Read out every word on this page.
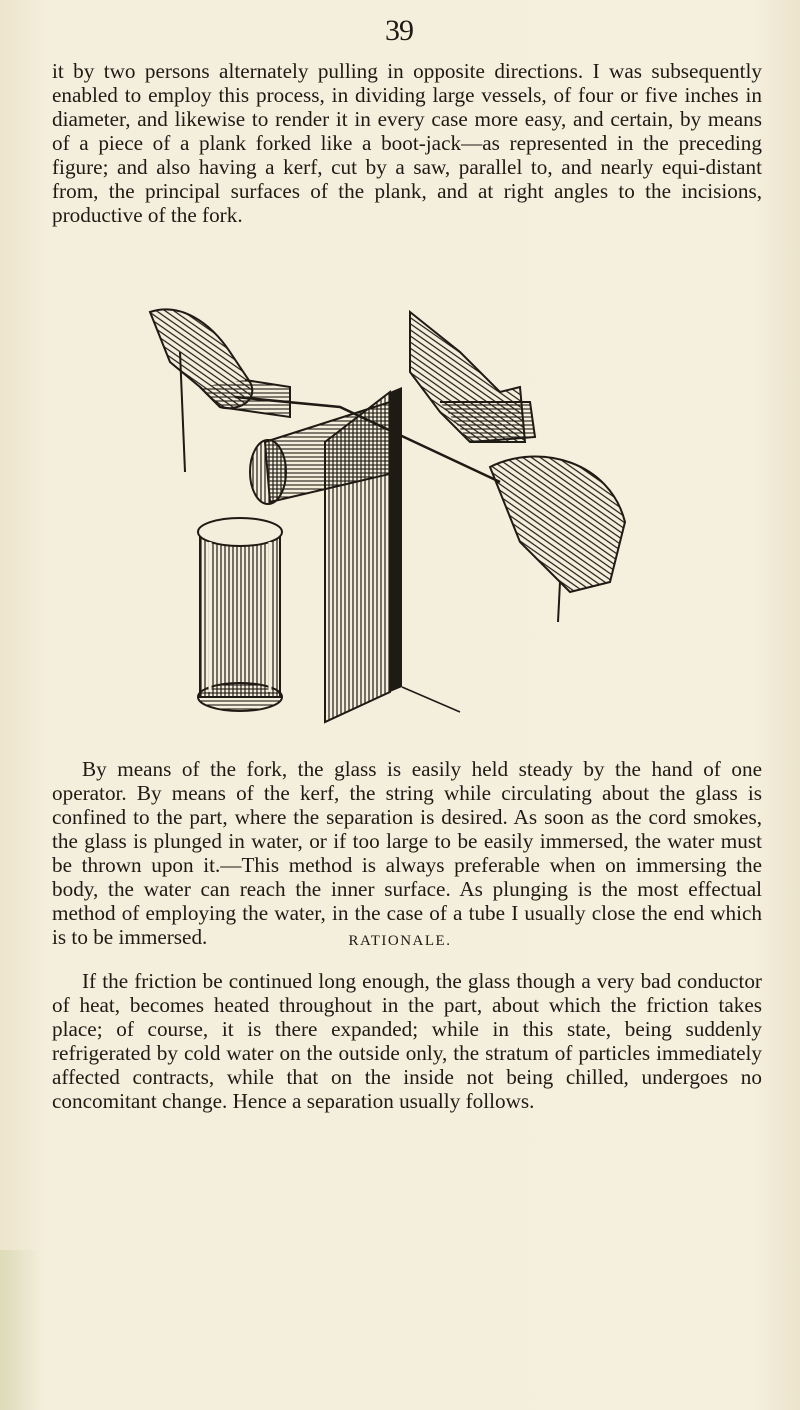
39
it by two persons alternately pulling in opposite directions. I was subsequently enabled to employ this process, in dividing large vessels, of four or five inches in diameter, and likewise to render it in every case more easy, and certain, by means of a piece of a plank forked like a boot-jack—as represented in the preceding figure; and also having a kerf, cut by a saw, parallel to, and nearly equi-distant from, the principal surfaces of the plank, and at right angles to the incisions, productive of the fork.
By means of the fork, the glass is easily held steady by the hand of one operator. By means of the kerf, the string while circulating about the glass is confined to the part, where the separation is desired. As soon as the cord smokes, the glass is plunged in water, or if too large to be easily immersed, the water must be thrown upon it.—This method is always preferable when on immersing the body, the water can reach the inner surface. As plunging is the most effectual method of employing the water, in the case of a tube I usually close the end which is to be immersed.	RATIONALE.
If the friction be continued long enough, the glass though a very bad conductor of heat, becomes heated throughout in the part, about which the friction takes place; of course, it is there expanded; while in this state, being suddenly refrigerated by cold water on the outside only, the stratum of particles immediately affected contracts, while that on the inside not being chilled, undergoes no concomitant change. Hence a separation usually follows.
